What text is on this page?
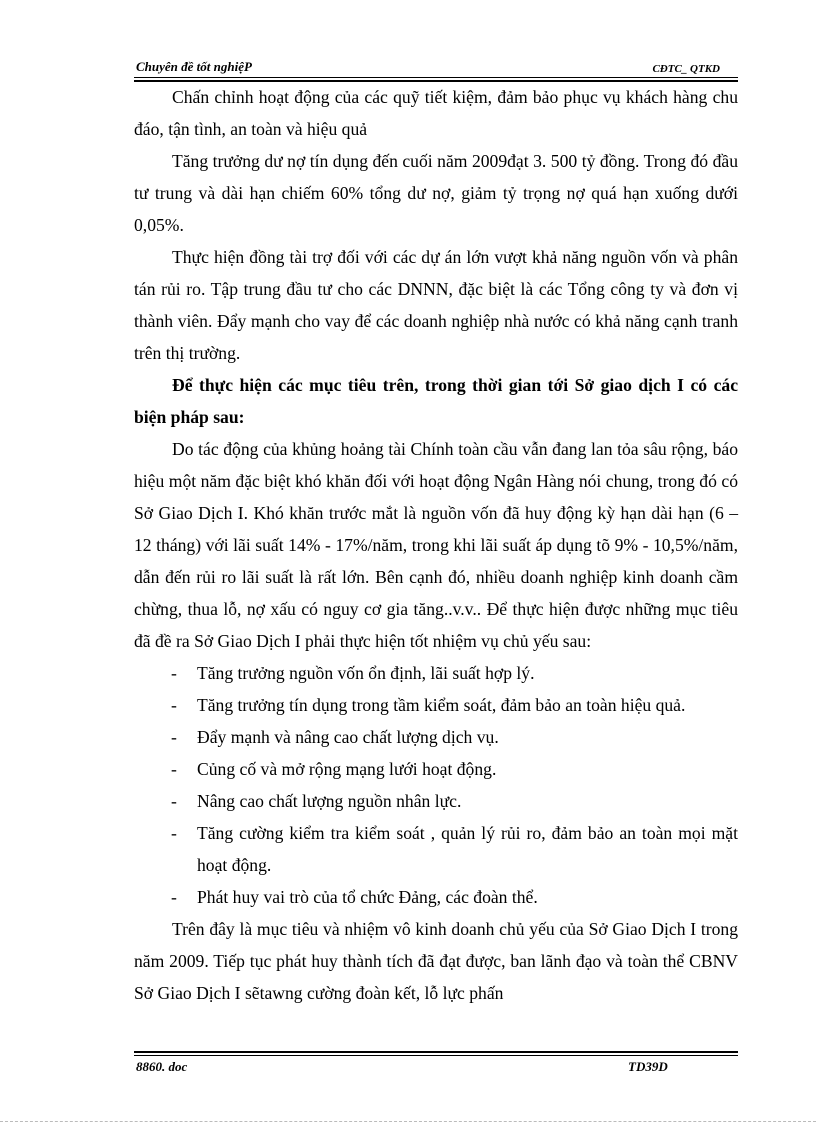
Chuyên đề tốt nghiệP	CĐTC_ QTKD

Chấn chỉnh hoạt động của các quỹ tiết kiệm, đảm bảo phục vụ khách hàng chu đáo, tận tình, an toàn và hiệu quả

Tăng trưởng dư nợ tín dụng đến cuối năm 2009đạt 3. 500 tỷ đồng. Trong đó đầu tư trung và dài hạn chiếm 60% tổng dư nợ, giảm tỷ trọng nợ quá hạn xuống dưới 0,05%.

Thực hiện đồng tài trợ đối với các dự án lớn vượt khả năng nguồn vốn và phân tán rủi ro. Tập trung đầu tư cho các DNNN, đặc biệt là các Tổng công ty và đơn vị thành viên. Đẩy mạnh cho vay để các doanh nghiệp nhà nước có khả năng cạnh tranh trên thị trường.

Để thực hiện các mục tiêu trên, trong thời gian tới Sở giao dịch I có các biện pháp sau:

Do tác động của khủng hoảng tài Chính toàn cầu vẫn đang lan tỏa sâu rộng, báo hiệu một năm đặc biệt khó khăn đối với hoạt động Ngân Hàng nói chung, trong đó có Sở Giao Dịch I. Khó khăn trước mắt là nguồn vốn đã huy động kỳ hạn dài hạn (6 – 12 tháng) với lãi suất 14% - 17%/năm, trong khi lãi suất áp dụng tõ 9% - 10,5%/năm, dẫn đến rủi ro lãi suất là rất lớn. Bên cạnh đó, nhiều doanh nghiệp kinh doanh cầm chừng, thua lỗ, nợ xấu có nguy cơ gia tăng..v.v.. Để thực hiện được những mục tiêu đã đề ra Sở Giao Dịch I phải thực hiện tốt nhiệm vụ chủ yếu sau:

- Tăng trưởng nguồn vốn ổn định, lãi suất hợp lý.
- Tăng trưởng tín dụng trong tầm kiểm soát, đảm bảo an toàn hiệu quả.
- Đẩy mạnh và nâng cao chất lượng dịch vụ.
- Củng cố và mở rộng mạng lưới hoạt động.
- Nâng cao chất lượng nguồn nhân lực.
- Tăng cường kiểm tra kiểm soát , quản lý rủi ro, đảm bảo an toàn mọi mặt hoạt động.
- Phát huy vai trò của tổ chức Đảng, các đoàn thể.

Trên đây là mục tiêu và nhiệm vô kinh doanh chủ yếu của Sở Giao Dịch I trong năm 2009. Tiếp tục phát huy thành tích đã đạt được, ban lãnh đạo và toàn thể CBNV Sở Giao Dịch I sẽtawng cường đoàn kết, lỗ lực phấn

8860. doc	TD39D
